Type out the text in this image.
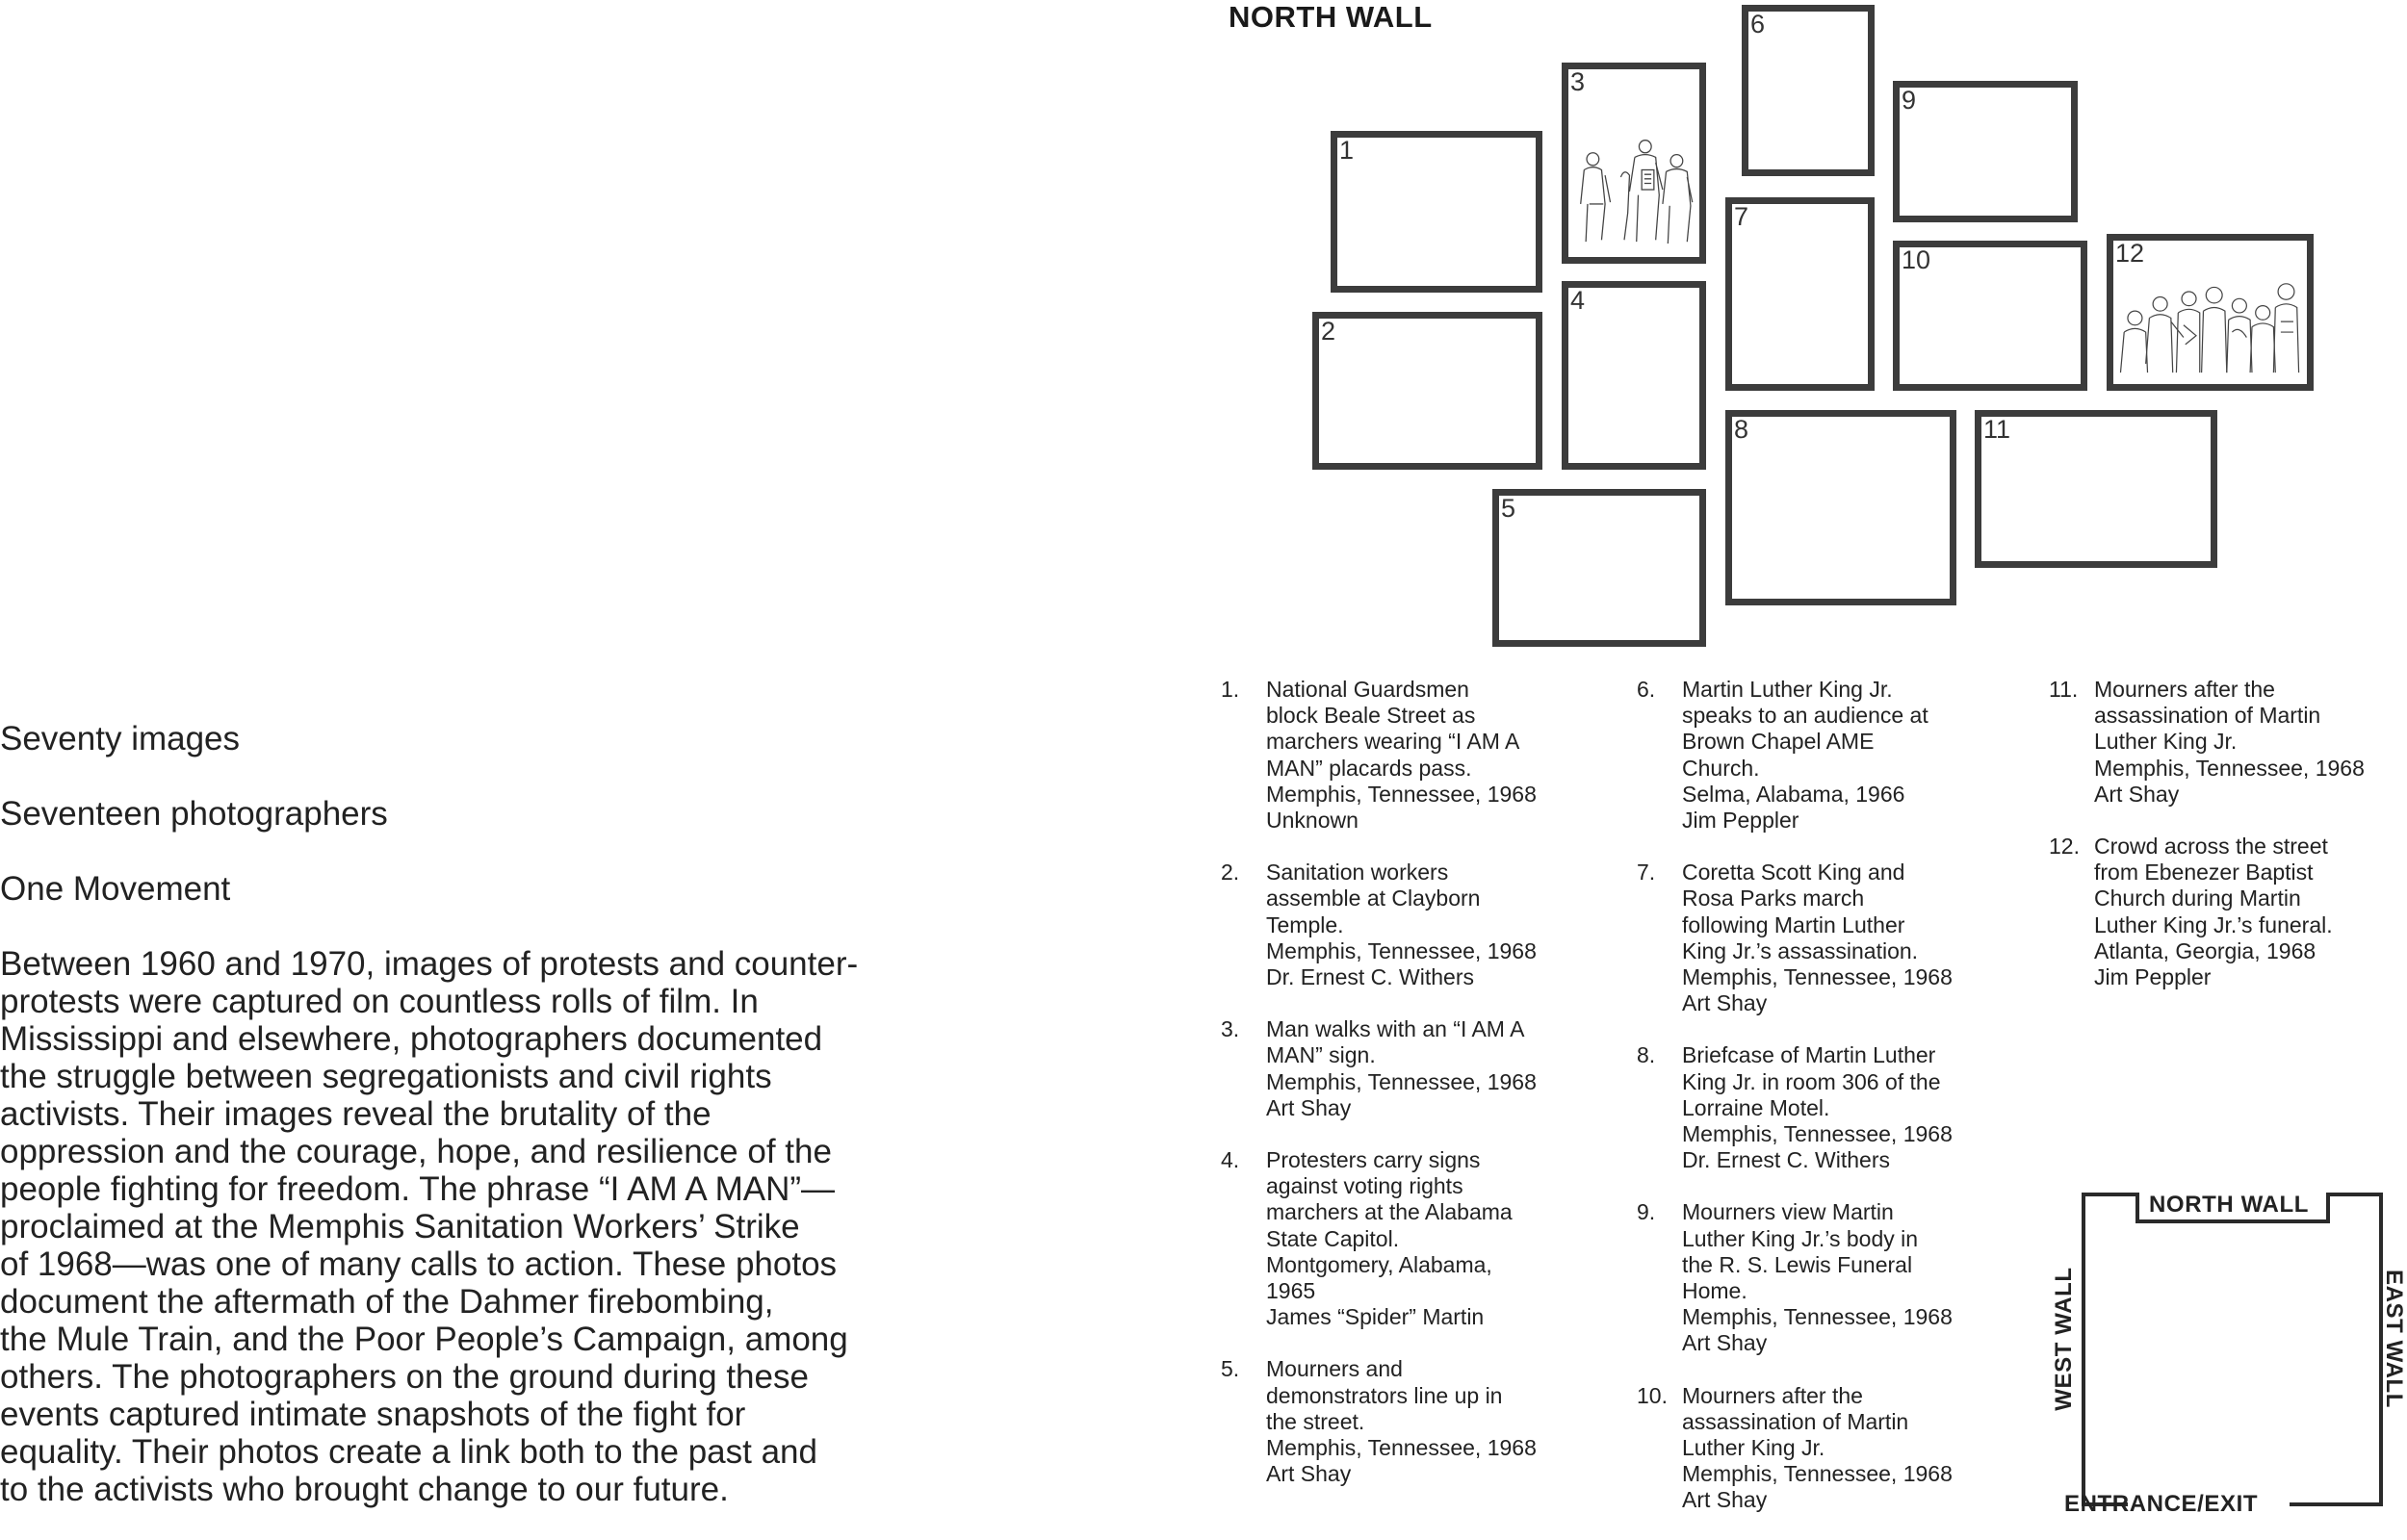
Seventy images

Seventeen photographers

One Movement

Between 1960 and 1970, images of protests and counter-
protests were captured on countless rolls of film. In
Mississippi and elsewhere, photographers documented
the struggle between segregationists and civil rights
activists. Their images reveal the brutality of the
oppression and the courage, hope, and resilience of the
people fighting for freedom. The phrase “I AM A MAN”—
proclaimed at the Memphis Sanitation Workers’ Strike
of 1968—was one of many calls to action. These photos
document the aftermath of the Dahmer firebombing,
the Mule Train, and the Poor People’s Campaign, among
others. The photographers on the ground during these
events captured intimate snapshots of the fight for
equality. Their photos create a link both to the past and
to the activists who brought change to our future.
NORTH WALL
1
2
3
4
5
6
7
8
9
10
11
12
1. National Guardsmen
block Beale Street as
marchers wearing “I AM A
MAN” placards pass.
Memphis, Tennessee, 1968
Unknown
2. Sanitation workers
assemble at Clayborn
Temple.
Memphis, Tennessee, 1968
Dr. Ernest C. Withers
3. Man walks with an “I AM A
MAN” sign.
Memphis, Tennessee, 1968
Art Shay
4. Protesters carry signs
against voting rights
marchers at the Alabama
State Capitol.
Montgomery, Alabama,
1965
James “Spider” Martin
5. Mourners and
demonstrators line up in
the street.
Memphis, Tennessee, 1968
Art Shay
6. Martin Luther King Jr.
speaks to an audience at
Brown Chapel AME
Church.
Selma, Alabama, 1966
Jim Peppler
7. Coretta Scott King and
Rosa Parks march
following Martin Luther
King Jr.’s assassination.
Memphis, Tennessee, 1968
Art Shay
8. Briefcase of Martin Luther
King Jr. in room 306 of the
Lorraine Motel.
Memphis, Tennessee, 1968
Dr. Ernest C. Withers
9. Mourners view Martin
Luther King Jr.’s body in
the R. S. Lewis Funeral
Home.
Memphis, Tennessee, 1968
Art Shay
10. Mourners after the
assassination of Martin
Luther King Jr.
Memphis, Tennessee, 1968
Art Shay
11. Mourners after the
assassination of Martin
Luther King Jr.
Memphis, Tennessee, 1968
Art Shay
12. Crowd across the street
from Ebenezer Baptist
Church during Martin
Luther King Jr.’s funeral.
Atlanta, Georgia, 1968
Jim Peppler
NORTH WALL
WEST WALL	EAST WALL
ENTRANCE/EXIT
